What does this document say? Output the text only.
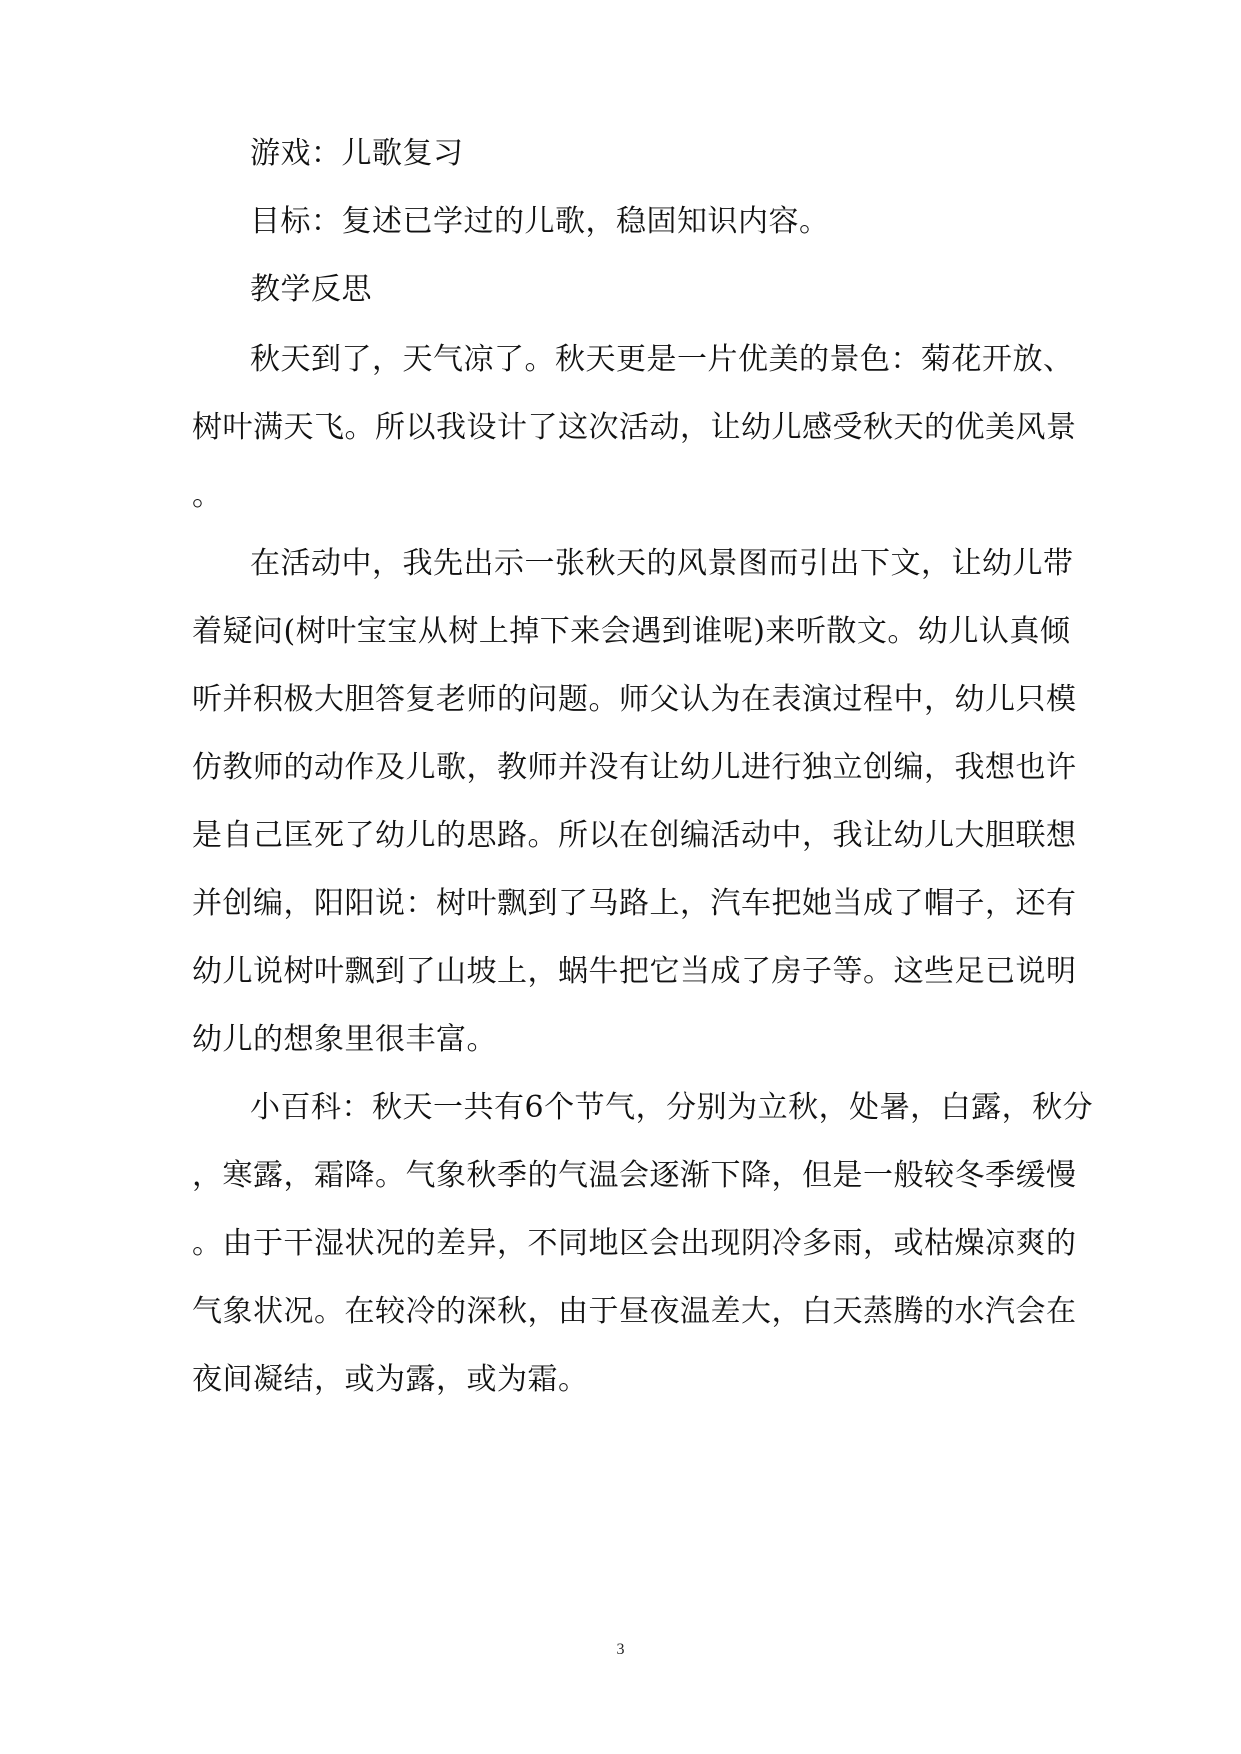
游戏：儿歌复习
目标：复述已学过的儿歌，稳固知识内容。
教学反思
秋天到了，天气凉了。秋天更是一片优美的景色：菊花开放、
树叶满天飞。所以我设计了这次活动，让幼儿感受秋天的优美风景
。
在活动中，我先出示一张秋天的风景图而引出下文，让幼儿带
着疑问(树叶宝宝从树上掉下来会遇到谁呢)来听散文。幼儿认真倾
听并积极大胆答复老师的问题。师父认为在表演过程中，幼儿只模
仿教师的动作及儿歌，教师并没有让幼儿进行独立创编，我想也许
是自己匡死了幼儿的思路。所以在创编活动中，我让幼儿大胆联想
并创编，阳阳说：树叶飘到了马路上，汽车把她当成了帽子，还有
幼儿说树叶飘到了山坡上，蜗牛把它当成了房子等。这些足已说明
幼儿的想象里很丰富。
小百科：秋天一共有6个节气，分别为立秋，处暑，白露，秋分
，寒露，霜降。气象秋季的气温会逐渐下降，但是一般较冬季缓慢
。由于干湿状况的差异，不同地区会出现阴冷多雨，或枯燥凉爽的
气象状况。在较冷的深秋，由于昼夜温差大，白天蒸腾的水汽会在
夜间凝结，或为露，或为霜。
3
